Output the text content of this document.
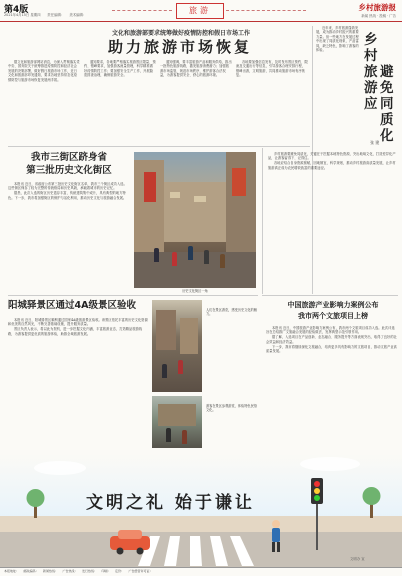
第4版
2021年4月15日 星期四　　责任编辑：　　美术编辑：	旅游	乡村旅游报
新闻 热线 · 投稿 · 广告
文化和旅游部要求统筹做好疫情防控和假日市场工作
助力旅游市场恢复

据文化和旅游部网站消息，为深入贯彻落实党中央、国务院关于统筹推进疫情防控和经济社会发展的决策部署，做好假日旅游市场工作，近日文化和旅游部印发通知，要求各地坚持常态化疫情防控与旅游市场恢复发展两手抓。

通知要求，各地要严格落实旅游景区限量、预约、错峰要求，加强游客流量管理，科学精准做好疫情防控工作；要加强安全生产工作，开展隐患排查治理，确保旅游安全。

通知强调，要丰富旅游产品和服务供给，推出一批特色旅游线路，激发旅游消费潜力；加强旅游市场监管，规范市场秩序，维护游客合法权益，为游客提供安全、舒心的旅游环境。

各地要加强信息发布，及时发布景区预约、限流及交通出行等信息，引导游客合理安排行程，错峰出游，文明旅游，共同推动旅游市场有序恢复。

我市三街区跻身省
第三批历史文化街区

本报讯 近日，省政府公布第三批历史文化街区名单，我市三个街区成功入选。这些街区保存了较为完整的传统格局和历史风貌，承载着城市的历史记忆。

据悉，此次入选的街区历史遗存丰富，传统建筑集中成片，具有典型的地方特色。下一步，我市将加强街区的保护与活化利用，推动历史文化与旅游融合发展。

历史文化街区一角
阳城驿景区通过4A级景区验收

本报讯 近日，阳城驿景区顺利通过国家4A级旅游景区验收。该景区依托丰富的历史文化资源和优美的自然风光，不断完善基础设施，提升服务质量。

景区负责人表示，将以此为契机，进一步挖掘文化内涵，丰富旅游业态，打造精品旅游线路，为游客提供更优质的旅游体验，助推全域旅游发展。

人们在景区游览，感受历史文化的魅力。
游客在景区参观游览，体验特色民俗文化。

近年来，乡村旅游蓬勃发展，成为推动乡村振兴的重要力量。但一些地方在发展过程中出现了同质化现象，产品雷同，缺乏特色，影响了游客的体验。

乡
村
旅
游
应
避
免
同
质
化
张 建

乡村旅游要避免同质化，关键在于挖掘本地特色资源，突出地域文化，打造差异化产品，让游客留得下、记得住。

各地应结合自身资源禀赋，因地制宜，科学规划，推动乡村旅游高质量发展，让乡村旅游真正成为农民增收致富的重要途径。

中国旅游产业影响力案例公布
我市两个文旅项目上榜

本报讯 近日，中国旅游产业影响力案例公布，我市两个文旅项目成功入选。此次评选旨在总结推广文旅融合发展的经验做法，发挥典型示范引领作用。

据了解，入选项目在产品创新、业态融合、服务提升等方面表现突出，取得了良好的社会效益和经济效益。

下一步，我市将继续深化文旅融合，培育更多具有影响力的文旅项目，推动文旅产业高质量发展。

文明之礼 始于谦让
文明办 宣
本报地址：　　邮政编码：　　新闻热线：　　广告热线：　　发行热线：　　印刷：　　定价：　　广告经营许可证：
